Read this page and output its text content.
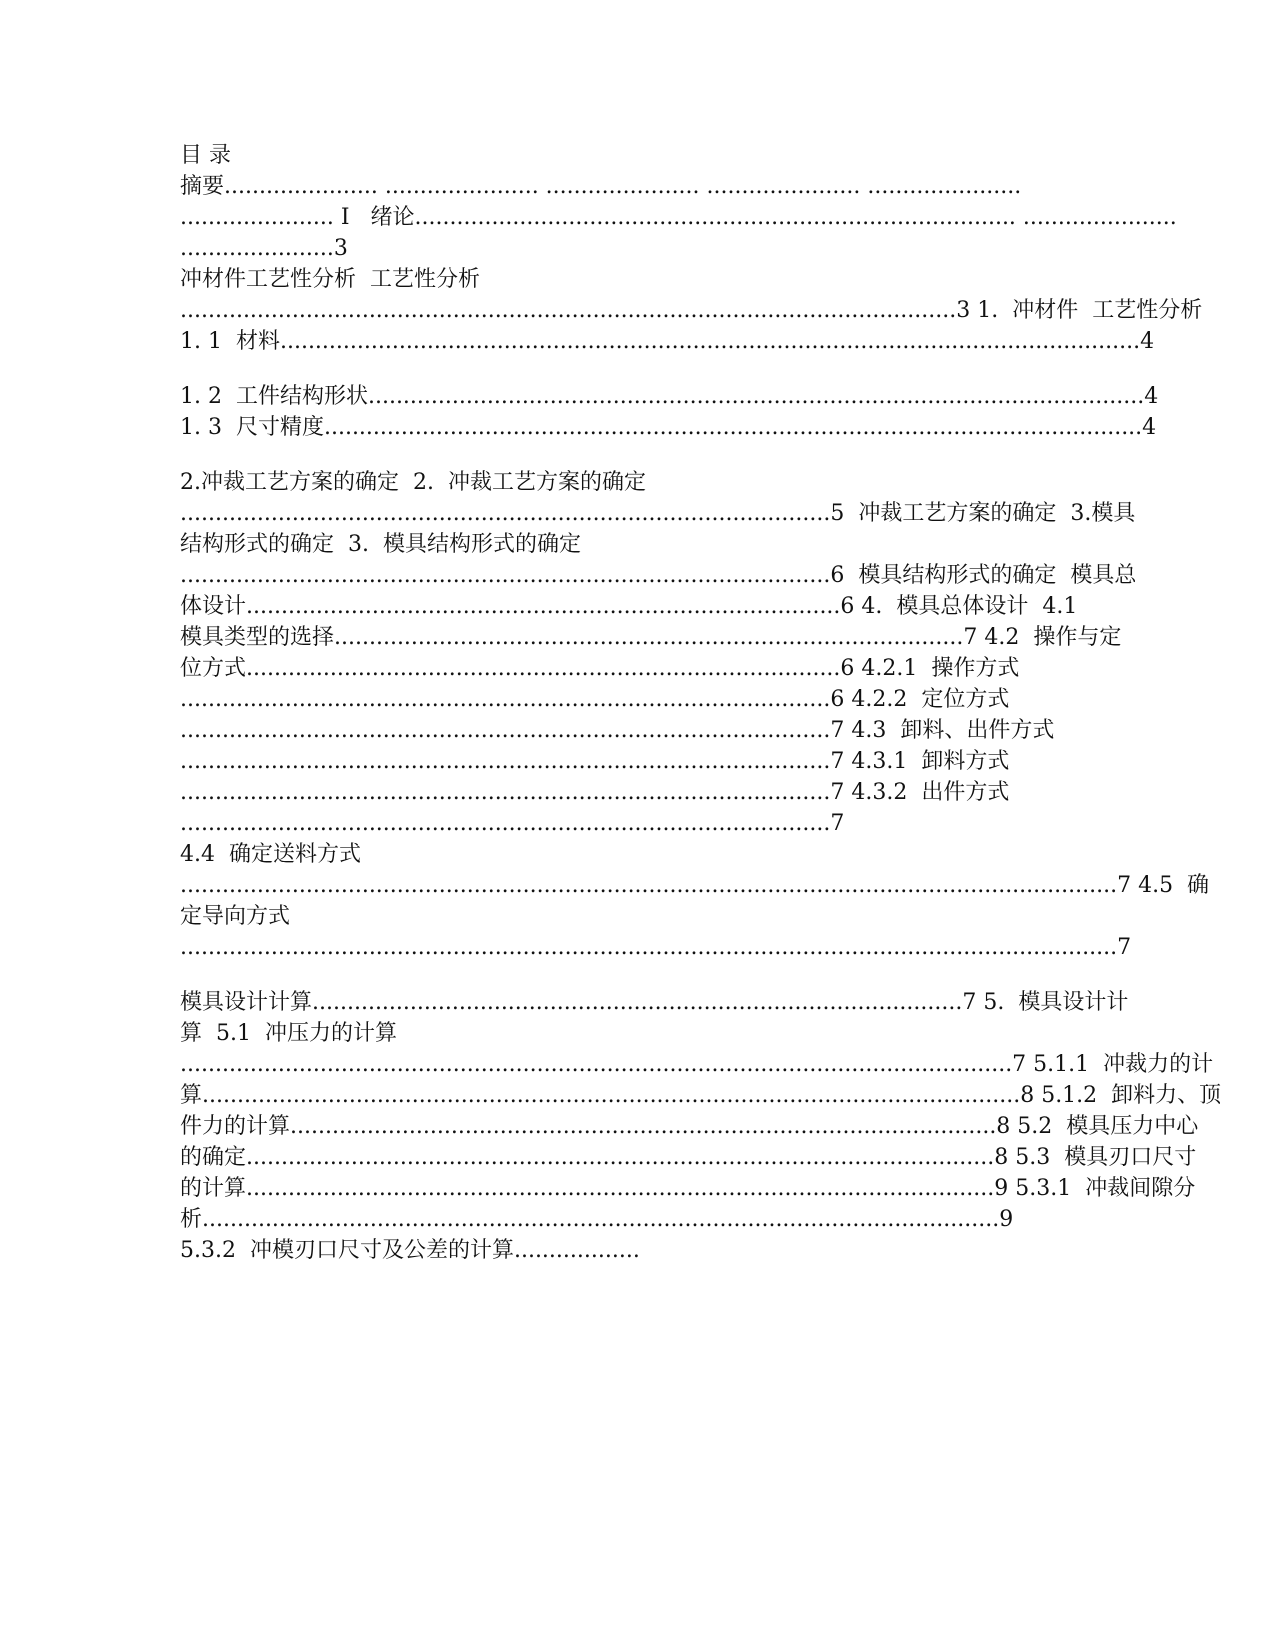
目 录
摘要...................... ...................... ...................... ...................... ......................
...................... I   绪论...................................................................................... ......................
......................3
冲材件工艺性分析  工艺性分析
...............................................................................................................3 1.  冲材件  工艺性分析
1. 1  材料...........................................................................................................................4
1. 2  工件结构形状...............................................................................................................4
1. 3  尺寸精度.....................................................................................................................4
2.冲裁工艺方案的确定  2.  冲裁工艺方案的确定
.............................................................................................5  冲裁工艺方案的确定  3.模具
结构形式的确定  3.  模具结构形式的确定
.............................................................................................6  模具结构形式的确定  模具总
体设计.....................................................................................6 4.  模具总体设计  4.1
模具类型的选择..........................................................................................7 4.2  操作与定
位方式.....................................................................................6 4.2.1  操作方式
.............................................................................................6 4.2.2  定位方式
.............................................................................................7 4.3  卸料、出件方式
.............................................................................................7 4.3.1  卸料方式
.............................................................................................7 4.3.2  出件方式
.............................................................................................7
4.4  确定送料方式
......................................................................................................................................7 4.5  确
定导向方式
......................................................................................................................................7
模具设计计算.............................................................................................7 5.  模具设计计
算  5.1  冲压力的计算
.......................................................................................................................7 5.1.1  冲裁力的计
算.....................................................................................................................8 5.1.2  卸料力、顶
件力的计算.....................................................................................................8 5.2  模具压力中心
的确定...........................................................................................................8 5.3  模具刃口尺寸
的计算...........................................................................................................9 5.3.1  冲裁间隙分
析..................................................................................................................9
5.3.2  冲模刃口尺寸及公差的计算..................
